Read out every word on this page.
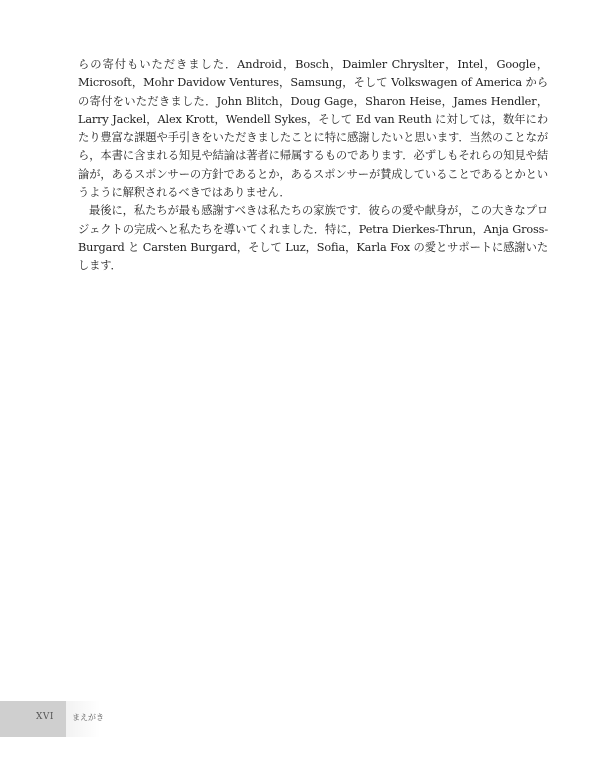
らの寄付もいただきました．Android，Bosch，Daimler Chryslter，Intel，Google，Microsoft，Mohr Davidow Ventures，Samsung，そして Volkswagen of America からの寄付をいただきました．John Blitch，Doug Gage，Sharon Heise，James Hendler，Larry Jackel，Alex Krott，Wendell Sykes，そして Ed van Reuth に対しては，数年にわたり豊富な課題や手引きをいただきましたことに特に感謝したいと思います．当然のことながら，本書に含まれる知見や結論は著者に帰属するものであります．必ずしもそれらの知見や結論が，あるスポンサーの方針であるとか，あるスポンサーが賛成していることであるとかというように解釈されるべきではありません．

最後に，私たちが最も感謝すべきは私たちの家族です．彼らの愛や献身が，この大きなプロジェクトの完成へと私たちを導いてくれました．特に，Petra Dierkes-Thrun，Anja Gross-Burgard と Carsten Burgard，そして Luz，Sofia，Karla Fox の愛とサポートに感謝いたします．

XVI まえがき
